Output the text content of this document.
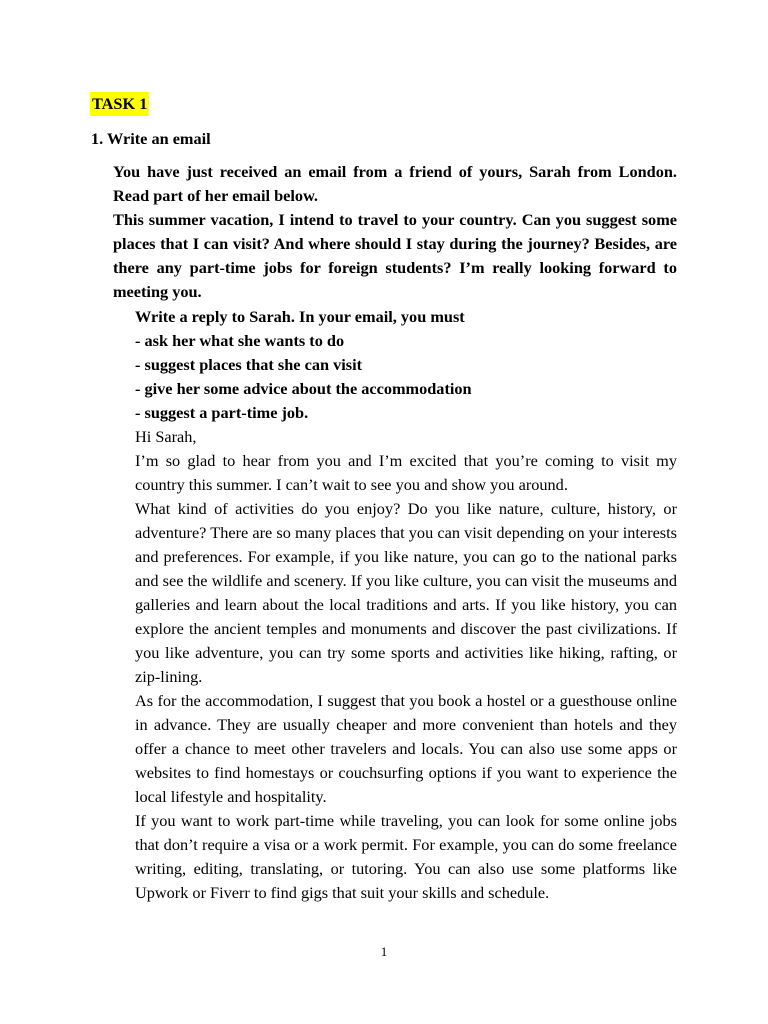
TASK 1
1. Write an email
You have just received an email from a friend of yours, Sarah from London. Read part of her email below.
This summer vacation, I intend to travel to your country. Can you suggest some places that I can visit? And where should I stay during the journey? Besides, are there any part-time jobs for foreign students? I’m really looking forward to meeting you.
Write a reply to Sarah. In your email, you must
- ask her what she wants to do
- suggest places that she can visit
- give her some advice about the accommodation
- suggest a part-time job.

Hi Sarah,

I’m so glad to hear from you and I’m excited that you’re coming to visit my country this summer. I can’t wait to see you and show you around.

What kind of activities do you enjoy? Do you like nature, culture, history, or adventure? There are so many places that you can visit depending on your interests and preferences. For example, if you like nature, you can go to the national parks and see the wildlife and scenery. If you like culture, you can visit the museums and galleries and learn about the local traditions and arts. If you like history, you can explore the ancient temples and monuments and discover the past civilizations. If you like adventure, you can try some sports and activities like hiking, rafting, or zip-lining.

As for the accommodation, I suggest that you book a hostel or a guesthouse online in advance. They are usually cheaper and more convenient than hotels and they offer a chance to meet other travelers and locals. You can also use some apps or websites to find homestays or couchsurfing options if you want to experience the local lifestyle and hospitality.

If you want to work part-time while traveling, you can look for some online jobs that don’t require a visa or a work permit. For example, you can do some freelance writing, editing, translating, or tutoring. You can also use some platforms like Upwork or Fiverr to find gigs that suit your skills and schedule.

1
